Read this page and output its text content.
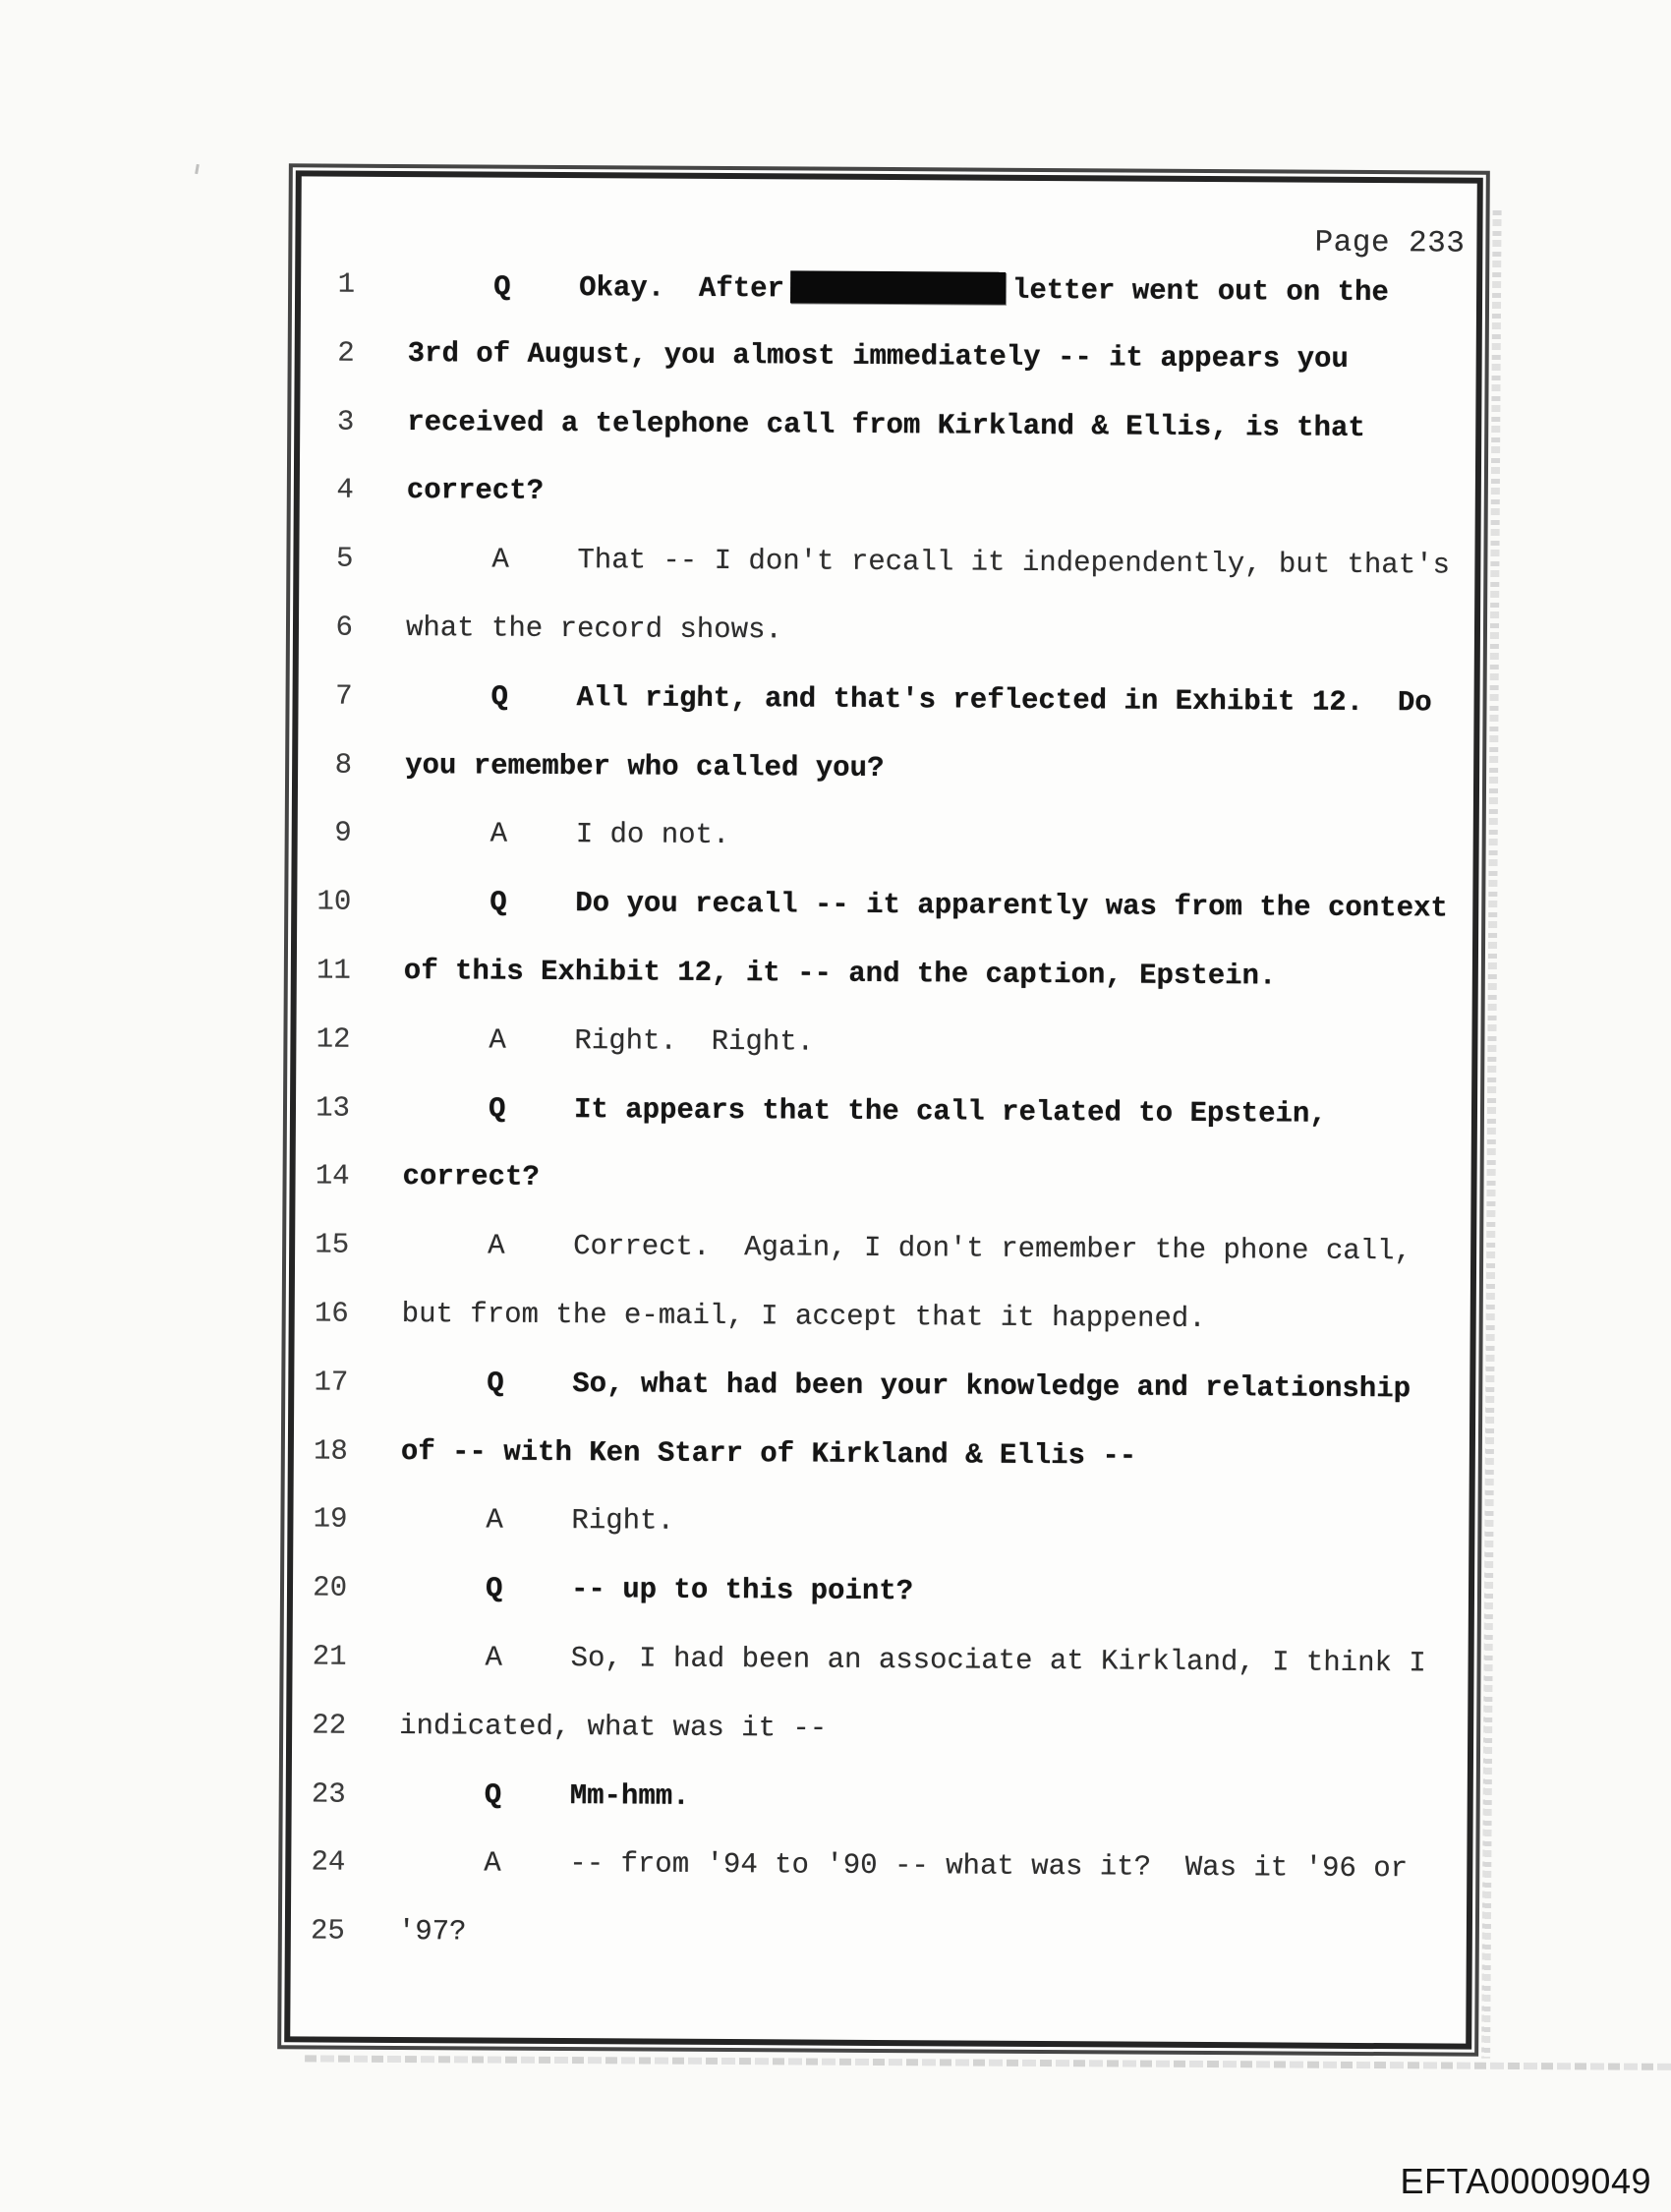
Page 233
1 Q    Okay.  After	letter went out on the
2 3rd of August, you almost immediately -- it appears you
3 received a telephone call from Kirkland & Ellis, is that
4 correct?
5 A    That -- I don't recall it independently, but that's
6 what the record shows.
7 Q    All right, and that's reflected in Exhibit 12.  Do
8 you remember who called you?
9 A    I do not.
10 Q    Do you recall -- it apparently was from the context
11 of this Exhibit 12, it -- and the caption, Epstein.
12 A    Right.  Right.
13 Q    It appears that the call related to Epstein,
14 correct?
15 A    Correct.  Again, I don't remember the phone call,
16 but from the e-mail, I accept that it happened.
17 Q    So, what had been your knowledge and relationship
18 of -- with Ken Starr of Kirkland & Ellis --
19 A    Right.
20 Q    -- up to this point?
21 A    So, I had been an associate at Kirkland, I think I
22 indicated, what was it --
23 Q    Mm-hmm.
24 A    -- from '94 to '90 -- what was it?  Was it '96 or
25 '97?
EFTA00009049
